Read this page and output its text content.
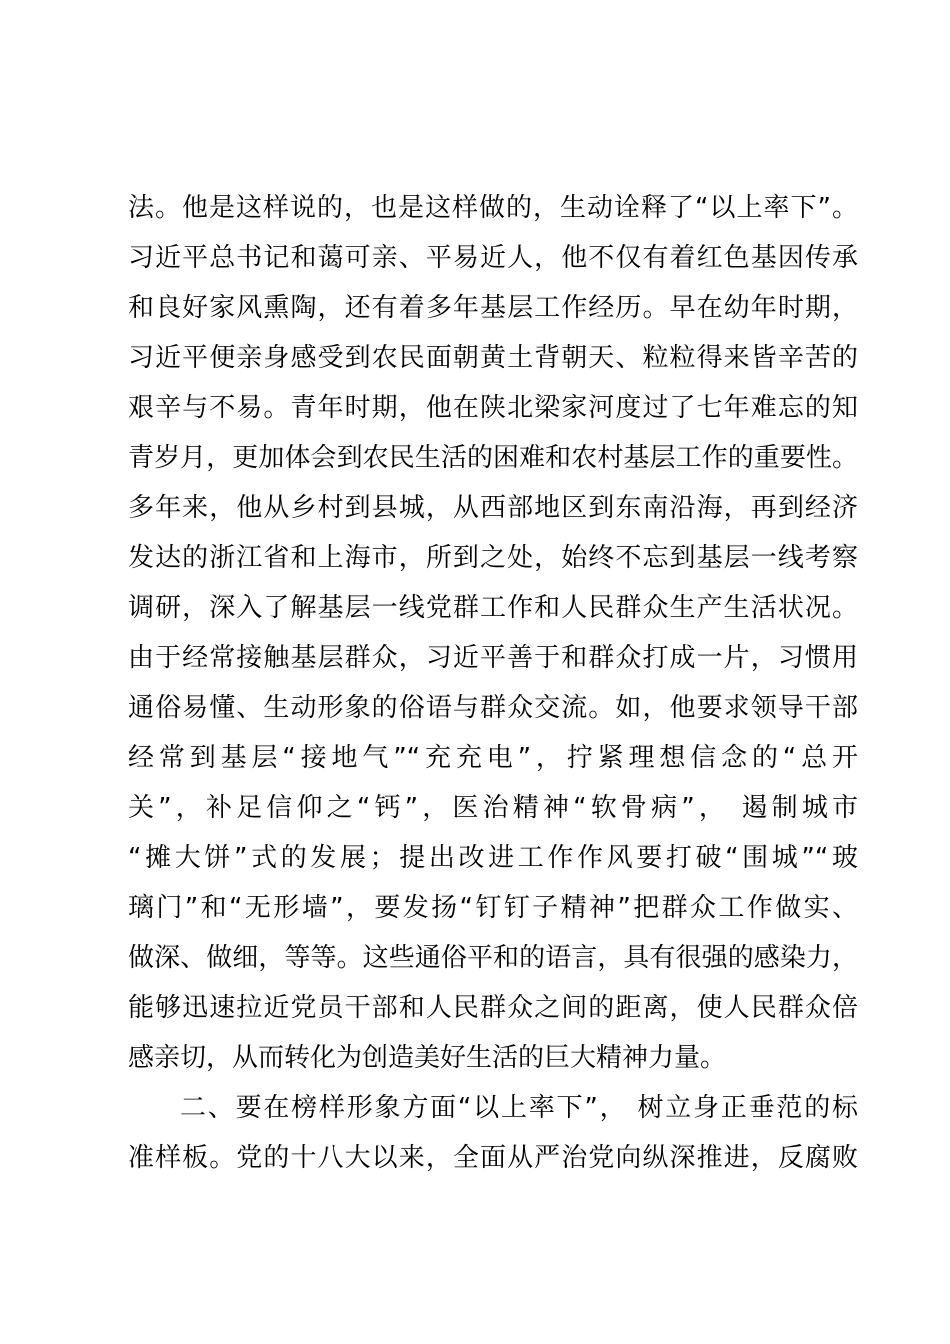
法。他是这样说的，也是这样做的，生动诠释了“以上率下”。
习近平总书记和蔼可亲、平易近人，他不仅有着红色基因传承
和良好家风熏陶，还有着多年基层工作经历。早在幼年时期，
习近平便亲身感受到农民面朝黄土背朝天、粒粒得来皆辛苦的
艰辛与不易。青年时期，他在陕北梁家河度过了七年难忘的知
青岁月，更加体会到农民生活的困难和农村基层工作的重要性。
多年来，他从乡村到县城，从西部地区到东南沿海，再到经济
发达的浙江省和上海市，所到之处，始终不忘到基层一线考察
调研，深入了解基层一线党群工作和人民群众生产生活状况。
由于经常接触基层群众，习近平善于和群众打成一片，习惯用
通俗易懂、生动形象的俗语与群众交流。如，他要求领导干部
经常到基层“接地气”“充充电”，拧紧理想信念的“总开
关”，补足信仰之“钙”，医治精神“软骨病”， 遏制城市
“摊大饼”式的发展；提出改进工作作风要打破“围城”“玻
璃门”和“无形墙”，要发扬“钉钉子精神”把群众工作做实、
做深、做细，等等。这些通俗平和的语言，具有很强的感染力，
能够迅速拉近党员干部和人民群众之间的距离，使人民群众倍
感亲切，从而转化为创造美好生活的巨大精神力量。
二、要在榜样形象方面“以上率下”， 树立身正垂范的标
准样板。党的十八大以来，全面从严治党向纵深推进，反腐败
